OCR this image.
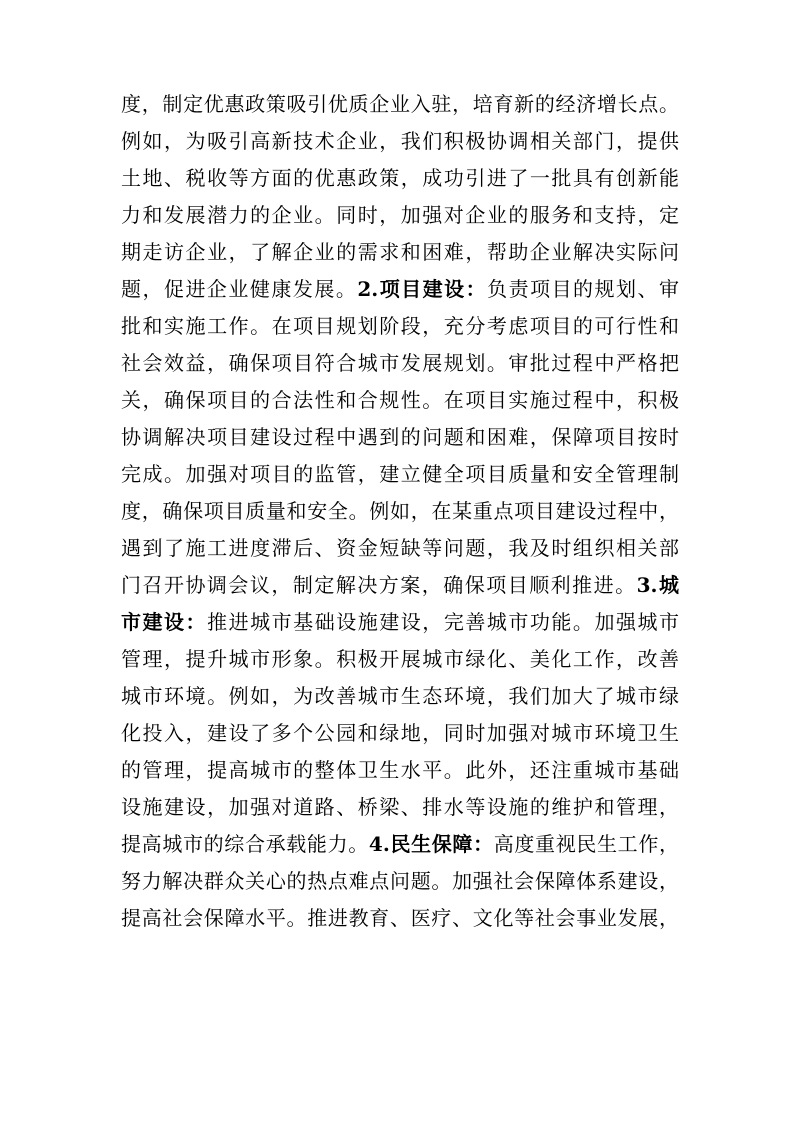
度，制定优惠政策吸引优质企业入驻，培育新的经济增长点。
例如，为吸引高新技术企业，我们积极协调相关部门，提供
土地、税收等方面的优惠政策，成功引进了一批具有创新能
力和发展潜力的企业。同时，加强对企业的服务和支持，定
期走访企业，了解企业的需求和困难，帮助企业解决实际问
题，促进企业健康发展。2.项目建设：负责项目的规划、审
批和实施工作。在项目规划阶段，充分考虑项目的可行性和
社会效益，确保项目符合城市发展规划。审批过程中严格把
关，确保项目的合法性和合规性。在项目实施过程中，积极
协调解决项目建设过程中遇到的问题和困难，保障项目按时
完成。加强对项目的监管，建立健全项目质量和安全管理制
度，确保项目质量和安全。例如，在某重点项目建设过程中，
遇到了施工进度滞后、资金短缺等问题，我及时组织相关部
门召开协调会议，制定解决方案，确保项目顺利推进。3.城
市建设：推进城市基础设施建设，完善城市功能。加强城市
管理，提升城市形象。积极开展城市绿化、美化工作，改善
城市环境。例如，为改善城市生态环境，我们加大了城市绿
化投入，建设了多个公园和绿地，同时加强对城市环境卫生
的管理，提高城市的整体卫生水平。此外，还注重城市基础
设施建设，加强对道路、桥梁、排水等设施的维护和管理，
提高城市的综合承载能力。4.民生保障：高度重视民生工作，
努力解决群众关心的热点难点问题。加强社会保障体系建设，
提高社会保障水平。推进教育、医疗、文化等社会事业发展，
